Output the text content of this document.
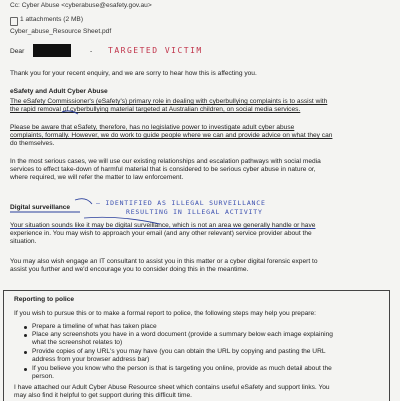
Cc: Cyber Abuse <cyberabuse@esafety.gov.au>
1 attachments (2 MB)
Cyber_abuse_Resource Sheet.pdf
Dear	-	TARGETED VICTIM
Thank you for your recent enquiry, and we are sorry to hear how this is affecting you.
eSafety and Adult Cyber Abuse
The eSafety Commissioner's (eSafety's) primary role in dealing with cyberbullying complaints is to assist with
the rapid removal of cyberbullying material targeted at Australian children, on social media services.
Please be aware that eSafety, therefore, has no legislative power to investigate adult cyber abuse
complaints, formally. However, we do work to guide people where we can and provide advice on what they can
do themselves.
In the most serious cases, we will use our existing relationships and escalation pathways with social media
services to effect take-down of harmful material that is considered to be serious cyber abuse in nature or,
where required, we will refer the matter to law enforcement.
Digital surveillance
– IDENTIFIED AS ILLEGAL SURVEILLANCE
RESULTING IN ILLEGAL ACTIVITY
Your situation sounds like it may be digital surveillance, which is not an area we generally handle or have
experience in. You may wish to approach your email (and any other relevant) service provider about the
situation.
You may also wish engage an IT consultant to assist you in this matter or a cyber digital forensic expert to
assist you further and we'd encourage you to consider doing this in the meantime.
Reporting to police
If you wish to pursue this or to make a formal report to police, the following steps may help you prepare:
Prepare a timeline of what has taken place
Place any screenshots you have in a word document (provide a summary below each image explaining
what the screenshot relates to)
Provide copies of any URL's you may have (you can obtain the URL by copying and pasting the URL
address from your browser address bar)
If you believe you know who the person is that is targeting you online, provide as much detail about the
person.
I have attached our Adult Cyber Abuse Resource sheet which contains useful eSafety and support links. You
may also find it helpful to get support during this difficult time.
